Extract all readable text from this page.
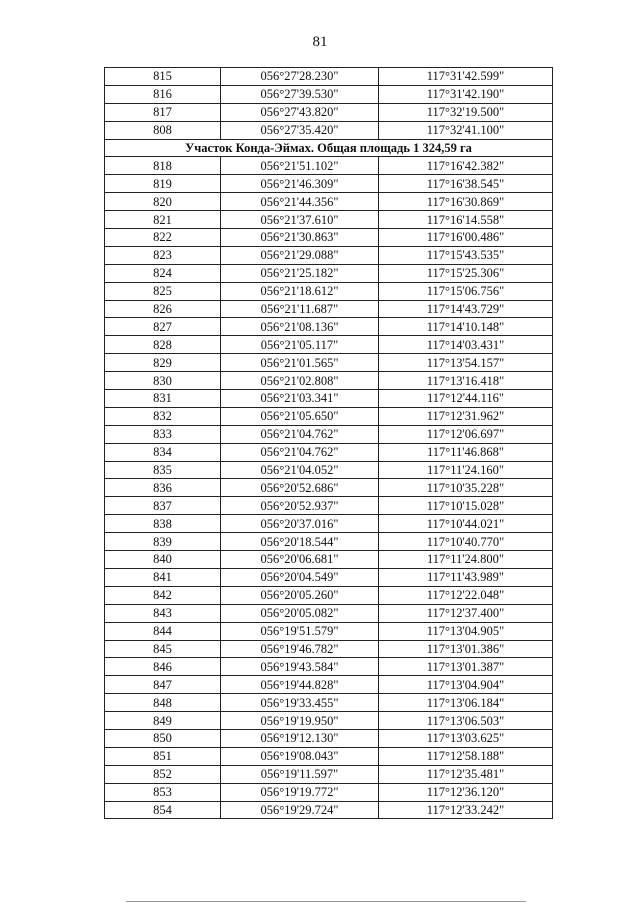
81
815	056°27'28.230"	117°31'42.599"
816	056°27'39.530"	117°31'42.190"
817	056°27'43.820"	117°32'19.500"
808	056°27'35.420"	117°32'41.100"
Участок Конда-Эймах. Общая площадь 1 324,59 га		
818	056°21'51.102"	117°16'42.382"
819	056°21'46.309"	117°16'38.545"
820	056°21'44.356"	117°16'30.869"
821	056°21'37.610"	117°16'14.558"
822	056°21'30.863"	117°16'00.486"
823	056°21'29.088"	117°15'43.535"
824	056°21'25.182"	117°15'25.306"
825	056°21'18.612"	117°15'06.756"
826	056°21'11.687"	117°14'43.729"
827	056°21'08.136"	117°14'10.148"
828	056°21'05.117"	117°14'03.431"
829	056°21'01.565"	117°13'54.157"
830	056°21'02.808"	117°13'16.418"
831	056°21'03.341"	117°12'44.116"
832	056°21'05.650"	117°12'31.962"
833	056°21'04.762"	117°12'06.697"
834	056°21'04.762"	117°11'46.868"
835	056°21'04.052"	117°11'24.160"
836	056°20'52.686"	117°10'35.228"
837	056°20'52.937"	117°10'15.028"
838	056°20'37.016"	117°10'44.021"
839	056°20'18.544"	117°10'40.770"
840	056°20'06.681"	117°11'24.800"
841	056°20'04.549"	117°11'43.989"
842	056°20'05.260"	117°12'22.048"
843	056°20'05.082"	117°12'37.400"
844	056°19'51.579"	117°13'04.905"
845	056°19'46.782"	117°13'01.386"
846	056°19'43.584"	117°13'01.387"
847	056°19'44.828"	117°13'04.904"
848	056°19'33.455"	117°13'06.184"
849	056°19'19.950"	117°13'06.503"
850	056°19'12.130"	117°13'03.625"
851	056°19'08.043"	117°12'58.188"
852	056°19'11.597"	117°12'35.481"
853	056°19'19.772"	117°12'36.120"
854	056°19'29.724"	117°12'33.242"
